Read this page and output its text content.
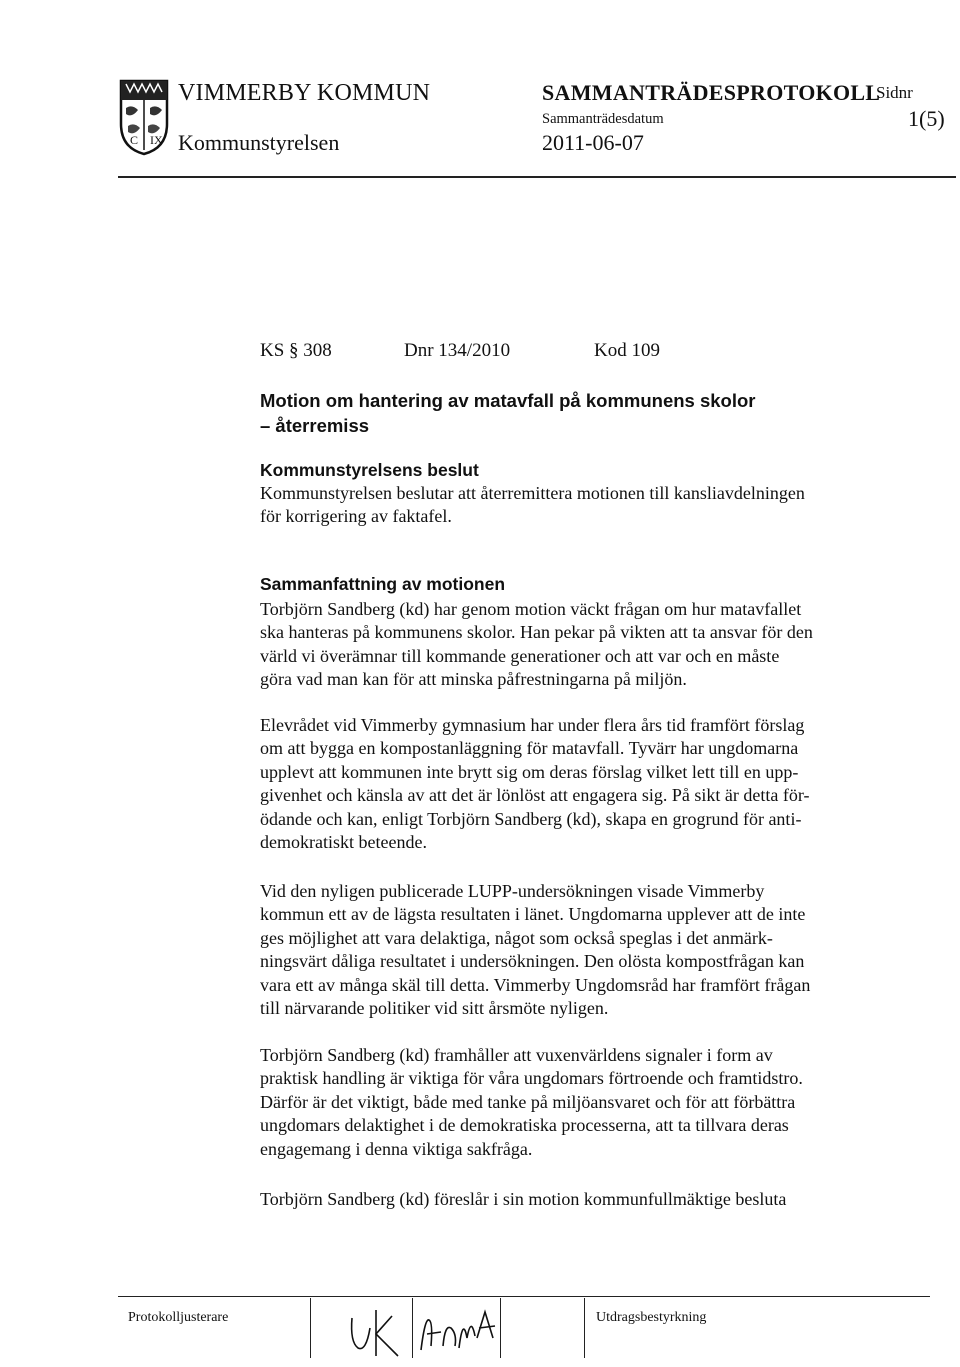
C IX
VIMMERBY KOMMUN
Kommunstyrelsen
SAMMANTRÄDESPROTOKOLL
Sammanträdesdatum
2011-06-07
Sidnr
1(5)
KS § 308	Dnr 134/2010	Kod 109
Motion om hantering av matavfall på kommunens skolor
– återremiss
Kommunstyrelsens beslut
Kommunstyrelsen beslutar att återremittera motionen till kansliavdelningen
för korrigering av faktafel.
Sammanfattning av motionen
Torbjörn Sandberg (kd) har genom motion väckt frågan om hur matavfallet
ska hanteras på kommunens skolor. Han pekar på vikten att ta ansvar för den
värld vi överämnar till kommande generationer och att var och en måste
göra vad man kan för att minska påfrestningarna på miljön.
Elevrådet vid Vimmerby gymnasium har under flera års tid framfört förslag
om att bygga en kompostanläggning för matavfall. Tyvärr har ungdomarna
upplevt att kommunen inte brytt sig om deras förslag vilket lett till en upp-
givenhet och känsla av att det är lönlöst att engagera sig. På sikt är detta för-
ödande och kan, enligt Torbjörn Sandberg (kd), skapa en grogrund för anti-
demokratiskt beteende.
Vid den nyligen publicerade LUPP-undersökningen visade Vimmerby
kommun ett av de lägsta resultaten i länet. Ungdomarna upplever att de inte
ges möjlighet att vara delaktiga, något som också speglas i det anmärk-
ningsvärt dåliga resultatet i undersökningen. Den olösta kompostfrågan kan
vara ett av många skäl till detta. Vimmerby Ungdomsråd har framfört frågan
till närvarande politiker vid sitt årsmöte nyligen.
Torbjörn Sandberg (kd) framhåller att vuxenvärldens signaler i form av
praktisk handling är viktiga för våra ungdomars förtroende och framtidstro.
Därför är det viktigt, både med tanke på miljöansvaret och för att förbättra
ungdomars delaktighet i de demokratiska processerna, att ta tillvara deras
engagemang i denna viktiga sakfråga.
Torbjörn Sandberg (kd) föreslår i sin motion kommunfullmäktige besluta
Protokolljusterare	Utdragsbestyrkning
